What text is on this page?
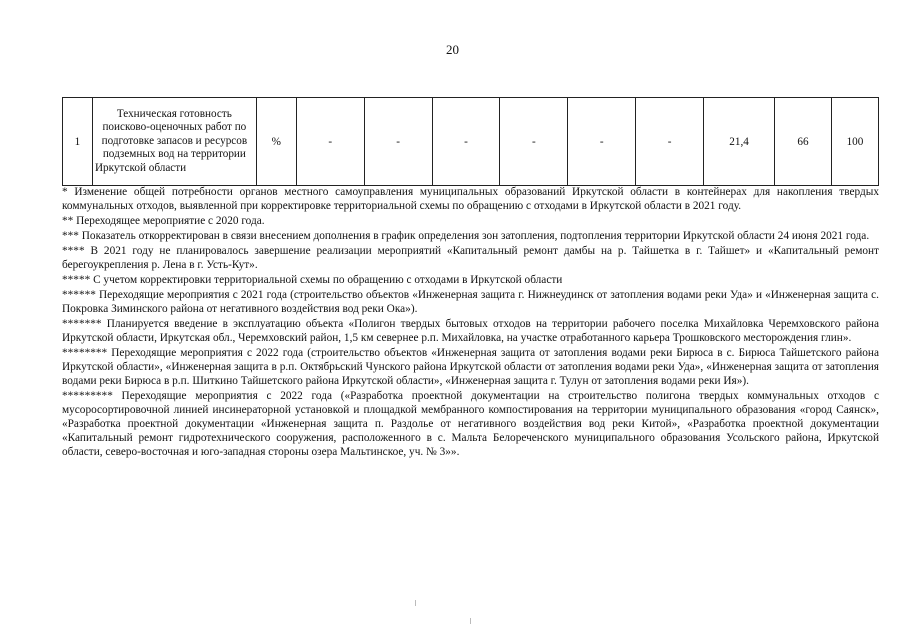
20
1	Техническая готовность поисково-оценочных работ по подготовке запасов и ресурсов подземных вод на территории Иркутской области	%	-	-	-	-	-	-	21,4	66	100

* Изменение общей потребности органов местного самоуправления муниципальных образований Иркутской области в контейнерах для накопления твердых коммунальных отходов, выявленной при корректировке территориальной схемы по обращению с отходами в Иркутской области в 2021 году.

** Переходящее мероприятие с 2020 года.

*** Показатель откорректирован в связи внесением дополнения в график определения зон затопления, подтопления территории Иркутской области 24 июня 2021 года.

**** В 2021 году не планировалось завершение реализации мероприятий «Капитальный ремонт дамбы на р. Тайшетка в г. Тайшет» и «Капитальный ремонт берегоукрепления р. Лена в г. Усть-Кут».

***** С учетом корректировки территориальной схемы по обращению с отходами в Иркутской области

****** Переходящие мероприятия с 2021 года (строительство объектов «Инженерная защита г. Нижнеудинск от затопления водами реки Уда» и «Инженерная защита с. Покровка Зиминского района от негативного воздействия вод реки Ока»).

******* Планируется введение в эксплуатацию объекта «Полигон твердых бытовых отходов на территории рабочего поселка Михайловка Черемховского района Иркутской области, Иркутская обл., Черемховский район, 1,5 км севернее р.п. Михайловка, на участке отработанного карьера Трошковского месторождения глин».

******** Переходящие мероприятия с 2022 года (строительство объектов «Инженерная защита от затопления водами реки Бирюса в с. Бирюса Тайшетского района Иркутской области», «Инженерная защита в р.п. Октябрьский Чунского района Иркутской области от затопления водами реки Уда», «Инженерная защита от затопления водами реки Бирюса в р.п. Шиткино Тайшетского района Иркутской области», «Инженерная защита г. Тулун от затопления водами реки Ия»).

********* Переходящие мероприятия с 2022 года («Разработка проектной документации на строительство полигона твердых коммунальных отходов с мусоросортировочной линией инсинераторной установкой и площадкой мембранного компостирования на территории муниципального образования «город Саянск», «Разработка проектной документации «Инженерная защита п. Раздолье от негативного воздействия вод реки Китой», «Разработка проектной документации «Капитальный ремонт гидротехнического сооружения, расположенного в с. Мальта Белореченского муниципального образования Усольского района, Иркутской области, северо-восточная и юго-западная стороны озера Мальтинское, уч. № 3»».
